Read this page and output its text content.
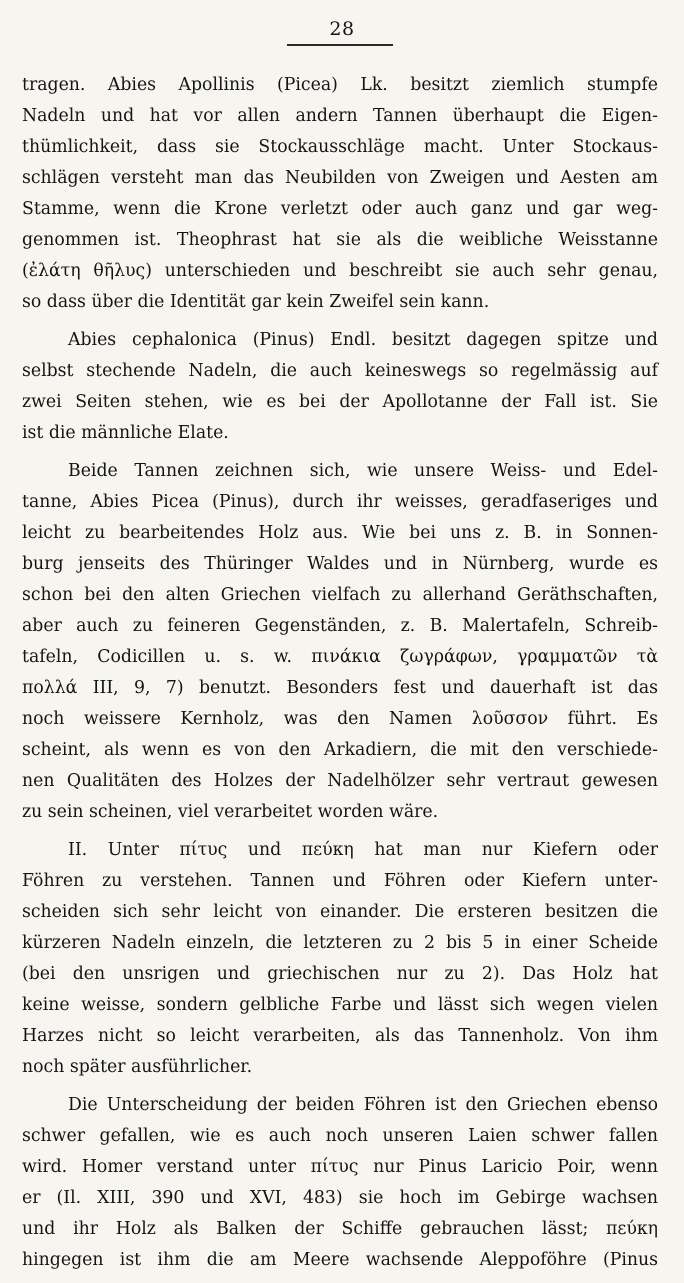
28
tragen. Abies Apollinis (Picea) Lk. besitzt ziemlich stumpfe
Nadeln und hat vor allen andern Tannen überhaupt die Eigen-
thümlichkeit, dass sie Stockausschläge macht. Unter Stockaus-
schlägen versteht man das Neubilden von Zweigen und Aesten am
Stamme, wenn die Krone verletzt oder auch ganz und gar weg-
genommen ist. Theophrast hat sie als die weibliche Weisstanne
(ἐλάτη θῆλυς) unterschieden und beschreibt sie auch sehr genau,
so dass über die Identität gar kein Zweifel sein kann.
Abies cephalonica (Pinus) Endl. besitzt dagegen spitze und
selbst stechende Nadeln, die auch keineswegs so regelmässig auf
zwei Seiten stehen, wie es bei der Apollotanne der Fall ist. Sie
ist die männliche Elate.
Beide Tannen zeichnen sich, wie unsere Weiss- und Edel-
tanne, Abies Picea (Pinus), durch ihr weisses, geradfaseriges und
leicht zu bearbeitendes Holz aus. Wie bei uns z. B. in Sonnen-
burg jenseits des Thüringer Waldes und in Nürnberg, wurde es
schon bei den alten Griechen vielfach zu allerhand Geräthschaften,
aber auch zu feineren Gegenständen, z. B. Malertafeln, Schreib-
tafeln, Codicillen u. s. w. πινάκια ζωγράφων, γραμματῶν τὰ
πολλά III, 9, 7) benutzt. Besonders fest und dauerhaft ist das
noch weissere Kernholz, was den Namen λοῦσσον führt. Es
scheint, als wenn es von den Arkadiern, die mit den verschiede-
nen Qualitäten des Holzes der Nadelhölzer sehr vertraut gewesen
zu sein scheinen, viel verarbeitet worden wäre.
II. Unter πίτυς und πεύκη hat man nur Kiefern oder
Föhren zu verstehen. Tannen und Föhren oder Kiefern unter-
scheiden sich sehr leicht von einander. Die ersteren besitzen die
kürzeren Nadeln einzeln, die letzteren zu 2 bis 5 in einer Scheide
(bei den unsrigen und griechischen nur zu 2). Das Holz hat
keine weisse, sondern gelbliche Farbe und lässt sich wegen vielen
Harzes nicht so leicht verarbeiten, als das Tannenholz. Von ihm
noch später ausführlicher.
Die Unterscheidung der beiden Föhren ist den Griechen ebenso
schwer gefallen, wie es auch noch unseren Laien schwer fallen
wird. Homer verstand unter πίτυς nur Pinus Laricio Poir, wenn
er (Il. XIII, 390 und XVI, 483) sie hoch im Gebirge wachsen
und ihr Holz als Balken der Schiffe gebrauchen lässt; πεύκη
hingegen ist ihm die am Meere wachsende Aleppoföhre (Pinus
